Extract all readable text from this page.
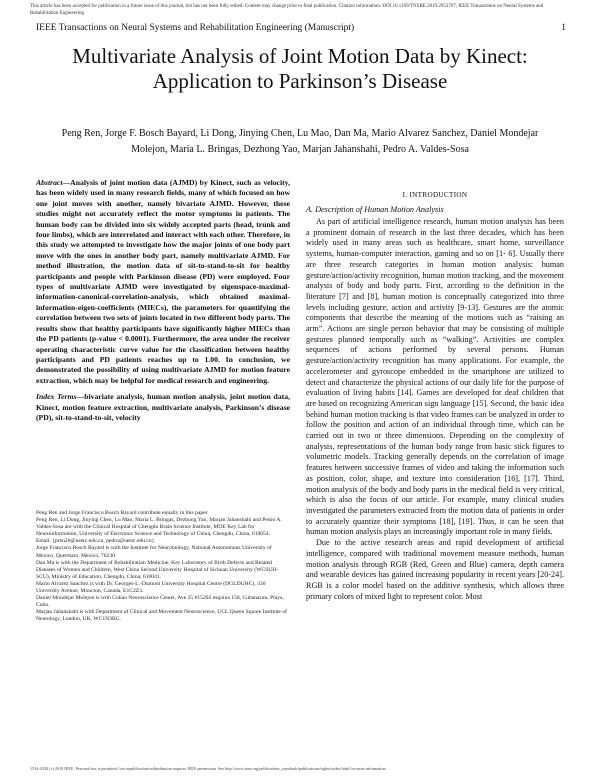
This article has been accepted for publication in a future issue of this journal, but has not been fully edited. Content may change prior to final publication. Citation information: DOI 10.1109/TNSRE.2019.2953707, IEEE Transactions on Neural Systems and Rehabilitation Engineering
IEEE Transactions on Neural Systems and Rehabilitation Engineering (Manuscript)	1
Multivariate Analysis of Joint Motion Data by Kinect: Application to Parkinson’s Disease
Peng Ren, Jorge F. Bosch Bayard, Li Dong, Jinying Chen, Lu Mao, Dan Ma, Mario Alvarez Sanchez, Daniel Mondejar Molejon, Maria L. Bringas, Dezhong Yao, Marjan Jahanshahi, Pedro A. Valdes-Sosa

Abstract—Analysis of joint motion data (AJMD) by Kinect, such as velocity, has been widely used in many research fields, many of which focused on how one joint moves with another, namely bivariate AJMD. However, these studies might not accurately reflect the motor symptoms in patients. The human body can be divided into six widely accepted parts (head, trunk and four limbs), which are interrelated and interact with each other. Therefore, in this study we attempted to investigate how the major joints of one body part move with the ones in another body part, namely multivariate AJMD. For method illustration, the motion data of sit-to-stand-to-sit for healthy participants and people with Parkinson disease (PD) were employed. Four types of multivariate AJMD were investigated by eigenspace-maximal-information-canonical-correlation-analysis, which obtained maximal-information-eigen-coefficients (MIECs), the parameters for quantifying the correlation between two sets of joints located in two different body parts. The results show that healthy participants have significantly higher MIECs than the PD patients (p-value < 0.0001). Furthermore, the area under the receiver operating characteristic curve value for the classification between healthy participants and PD patients reaches up to 1.00. In conclusion, we demonstrated the possibility of using multivariate AJMD for motion feature extraction, which may be helpful for medical research and engineering.

Index Terms—bivariate analysis, human motion analysis, joint motion data, Kinect, motion feature extraction, multivariate analysis, Parkinson’s disease (PD), sit-to-stand-to-sit, velocity

Peng Ren and Jorge Francisco Bosch Bayard contribute equally in this paper.

Peng Ren, Li Dong, Jinying Chen, Lu Mao, Maria L. Bringas, Dezhong Yao, Marjan Jahanshahi and Pedro A. Valdes-Sosa are with the Clinical Hospital of Chengdu Brain Science Institute, MOE Key Lab for Neuroinformation, University of Electronic Science and Technology of China, Chengdu, China, 610054.

Email: {pren28@uestc.edu.cn, pedro@uestc.edu.cn}

Jorge Francisco Bosch Bayard is with the Institute for Neurobiology, National Autonomous University of Mexico, Queretaro, Mexico, 76230.

Dan Ma is with the Department of Rehabilitation Medicine, Key Laboratory of Birth Defects and Related Diseases of Women and Children, West China Second University Hospital of Sichuan University (WCSUH-SCU), Ministry of Education, Chengdu, China, 610041.

Mario Alvarez Sanchez is with Dr. Georges-L.-Dumont University Hospital Centre (DGLDUHC), 330 University Avenue, Moncton, Canada, E1C2Z3.

Daniel Mondejar Molejon is with Cuban Neuroscience Center, Ave 25 #15202 esquina 158, Cubanacan, Playa, Cuba.

Marjan Jahanshahi is with Department of Clinical and Movement Neuroscience, UCL Queen Square Institute of Neurology, London, UK, WC1N3BG.

I. INTRODUCTION

A. Description of Human Motion Analysis

As part of artificial intelligence research, human motion analysis has been a prominent domain of research in the last three decades, which has been widely used in many areas such as healthcare, smart home, surveillance systems, human-computer interaction, gaming and so on [1- 6]. Usually there are three research categories in human motion analysis: human gesture/action/activity recognition, human motion tracking, and the movement analysis of body and body parts. First, according to the definition in the literature [7] and [8], human motion is conceptually categorized into three levels including gesture, action and activity [9-13]. Gestures are the atomic components that describe the meaning of the motions such as “raising an arm”. Actions are single person behavior that may be consisting of multiple gestures planned temporally such as “walking”. Activities are complex sequences of actions performed by several persons. Human gesture/action/activity recognition has many applications. For example, the accelerometer and gyroscope embedded in the smartphone are utilized to detect and characterize the physical actions of our daily life for the purpose of evaluation of living habits [14]. Games are developed for deaf children that are based on recognizing American sign language [15]. Second, the basic idea behind human motion tracking is that video frames can be analyzed in order to follow the position and action of an individual through time, which can be carried out in two or three dimensions. Depending on the complexity of analysis, representations of the human body range from basic stick figures to volumetric models. Tracking generally depends on the correlation of image features between successive frames of video and taking the information such as position, color, shape, and texture into consideration [16], [17]. Third, motion analysis of the body and body parts in the medical field is very critical, which is also the focus of our article. For example, many clinical studies investigated the parameters extracted from the motion data of patients in order to accurately quantize their symptoms [18], [19]. Thus, it can be seen that human motion analysis plays an increasingly important role in many fields.

Due to the active research areas and rapid development of artificial intelligence, compared with traditional movement measure methods, human motion analysis through RGB (Red, Green and Blue) camera, depth camera and wearable devices has gained increasing popularity in recent years [20-24]. RGB is a color model based on the additive synthesis, which allows three primary colors of mixed light to represent color. Most

1534-4320 (c) 2019 IEEE. Personal use is permitted, but republication/redistribution requires IEEE permission. See http://www.ieee.org/publications_standards/publications/rights/index.html for more information.
